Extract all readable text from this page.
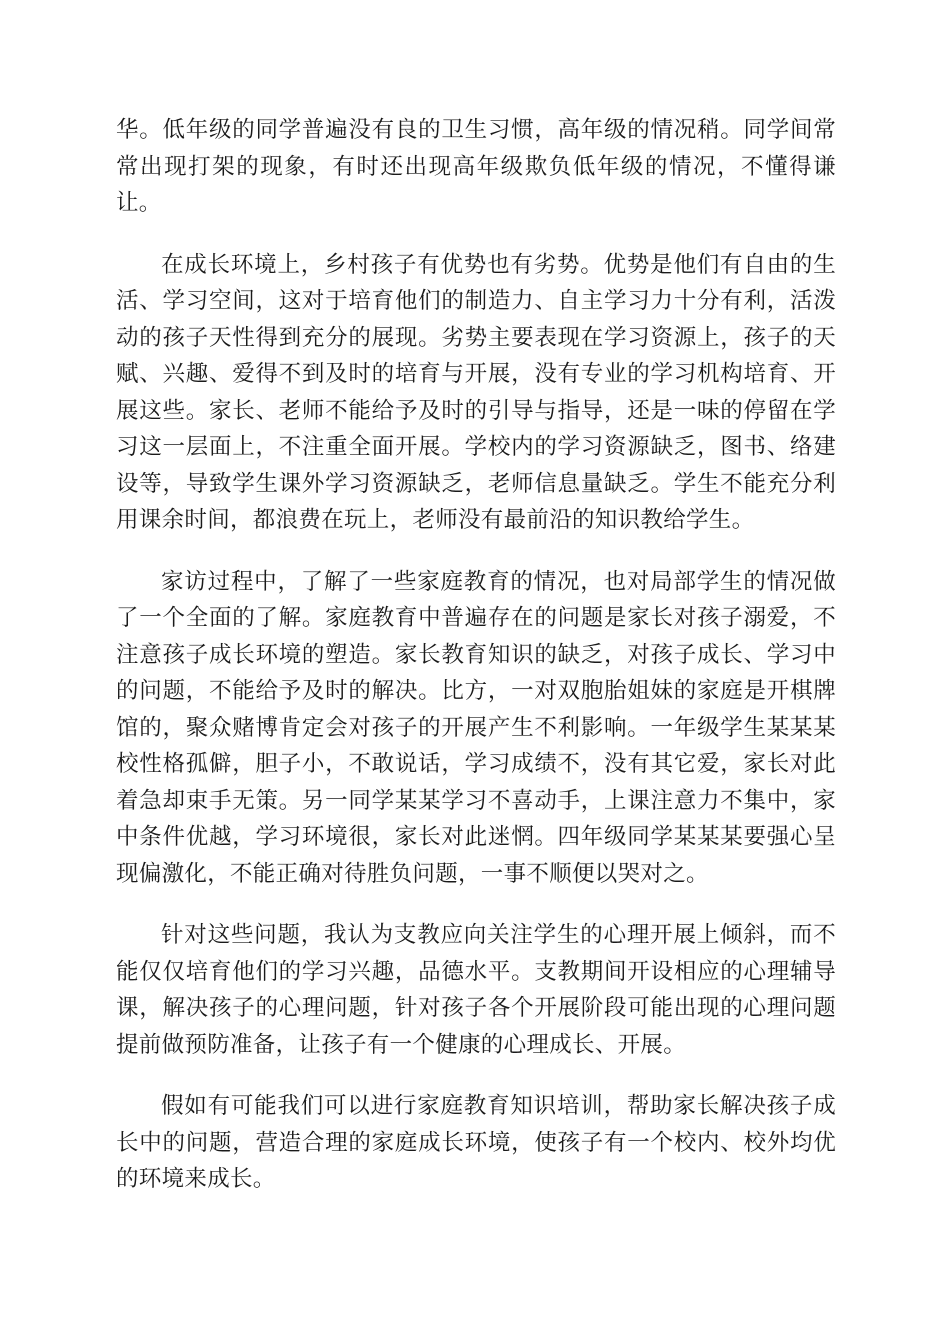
华。低年级的同学普遍没有良的卫生习惯，高年级的情况稍。同学间常常出现打架的现象，有时还出现高年级欺负低年级的情况，不懂得谦让。

在成长环境上，乡村孩子有优势也有劣势。优势是他们有自由的生活、学习空间，这对于培育他们的制造力、自主学习力十分有利，活泼动的孩子天性得到充分的展现。劣势主要表现在学习资源上，孩子的天赋、兴趣、爱得不到及时的培育与开展，没有专业的学习机构培育、开展这些。家长、老师不能给予及时的引导与指导，还是一味的停留在学习这一层面上，不注重全面开展。学校内的学习资源缺乏，图书、络建设等，导致学生课外学习资源缺乏，老师信息量缺乏。学生不能充分利用课余时间，都浪费在玩上，老师没有最前沿的知识教给学生。

家访过程中，了解了一些家庭教育的情况，也对局部学生的情况做了一个全面的了解。家庭教育中普遍存在的问题是家长对孩子溺爱，不注意孩子成长环境的塑造。家长教育知识的缺乏，对孩子成长、学习中的问题，不能给予及时的解决。比方，一对双胞胎姐妹的家庭是开棋牌馆的，聚众赌博肯定会对孩子的开展产生不利影响。一年级学生某某某校性格孤僻，胆子小，不敢说话，学习成绩不，没有其它爱，家长对此着急却束手无策。另一同学某某学习不喜动手，上课注意力不集中，家中条件优越，学习环境很，家长对此迷惘。四年级同学某某某要强心呈现偏激化，不能正确对待胜负问题，一事不顺便以哭对之。

针对这些问题，我认为支教应向关注学生的心理开展上倾斜，而不能仅仅培育他们的学习兴趣，品德水平。支教期间开设相应的心理辅导课，解决孩子的心理问题，针对孩子各个开展阶段可能出现的心理问题提前做预防准备，让孩子有一个健康的心理成长、开展。

假如有可能我们可以进行家庭教育知识培训，帮助家长解决孩子成长中的问题，营造合理的家庭成长环境，使孩子有一个校内、校外均优的环境来成长。
